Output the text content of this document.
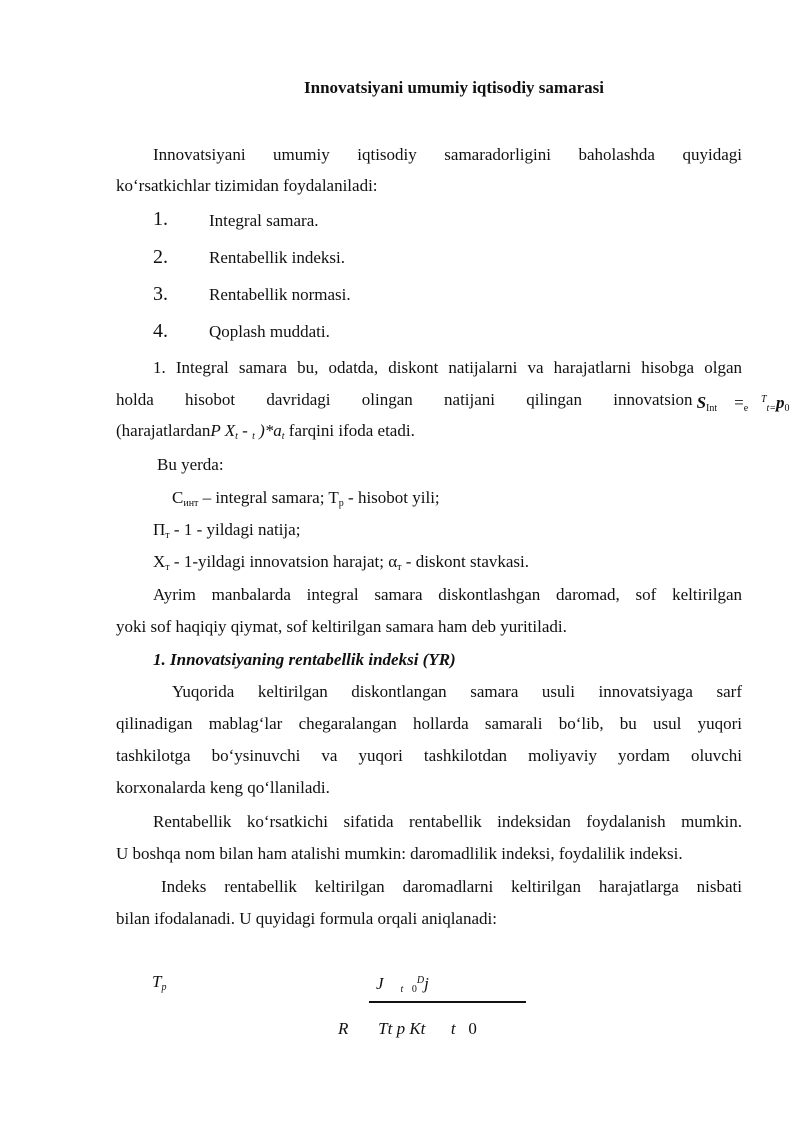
Innovatsiyani umumiy iqtisodiy samarasi
Innovatsiyani umumiy iqtisodiy samaradorligini baholashda quyidagi
ko‘rsatkichlar tizimidan foydalaniladi:
1. Integral samara.
2. Rentabellik indeksi.
3. Rentabellik normasi.
4. Qoplash muddati.
1. Integral samara bu, odatda, diskont natijalarni va harajatlarni hisobga olgan
holda hisobot davridagi olingan natijani qilingan innovatsion $S_{Int} =_e$   $^T_{t=}p_0$
(harajatlardanP $X_t - _t$ )$*a_t$ farqini ifoda etadi.
Bu yerda:
$С_{инт}$ – integral samara; $T_р$ - hisobot yili;
$П_т - 1$ - yildagi natija;
$Х_т$ - 1-yildagi innovatsion harajat; $\alpha_т$ - diskont stavkasi.
Ayrim manbalarda integral samara diskontlashgan daromad, sof keltirilgan
yoki sof haqiqiy qiymat, sof keltirilgan samara ham deb yuritiladi.
1. Innovatsiyaning rentabellik indeksi (YR)
Yuqorida keltirilgan diskontlangan samara usuli innovatsiyaga sarf
qilinadigan mablag‘lar chegaralangan hollarda samarali bo‘lib, bu usul yuqori
tashkilotga bo‘ysinuvchi va yuqori tashkilotdan moliyaviy yordam oluvchi
korxonalarda keng qo‘llaniladi.
Rentabellik ko‘rsatkichi sifatida rentabellik indeksidan foydalanish mumkin.
U boshqa nom bilan ham atalishi mumkin: daromadlilik indeksi, foydalilik indeksi.
Indeks rentabellik keltirilgan daromadlarni keltirilgan harajatlarga nisbati
bilan ifodalanadi. U quyidagi formula orqali aniqlanadi:
$T_p$	J $_t$ $_0^D$j
R Tt p Kt t 0
